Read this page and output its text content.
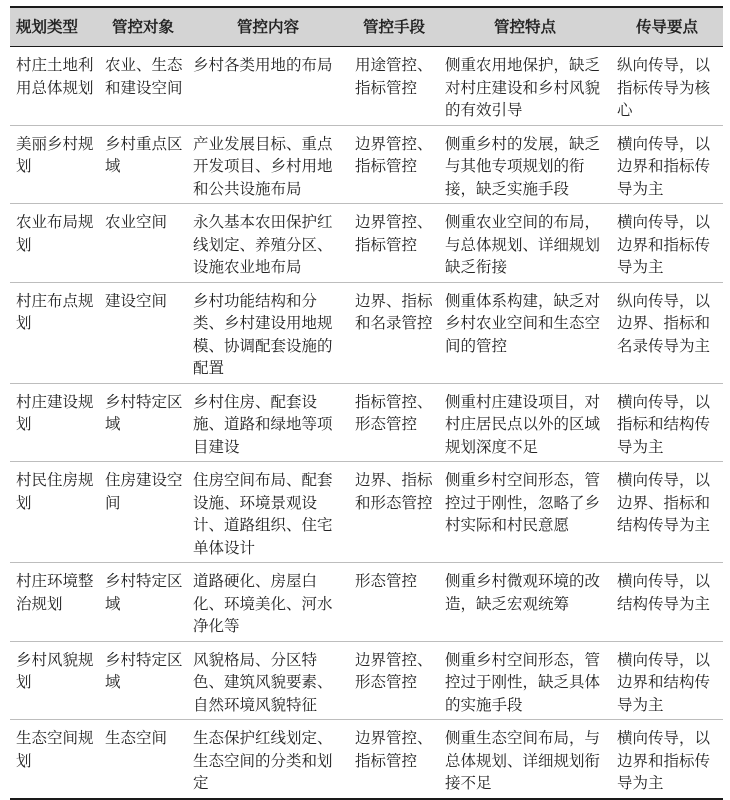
规划类型	管控对象	管控内容	管控手段	管控特点	传导要点
村庄土地利用总体规划	农业、生态和建设空间	乡村各类用地的布局	用途管控、指标管控	侧重农用地保护，缺乏对村庄建设和乡村风貌的有效引导	纵向传导，以指标传导为核心
美丽乡村规划	乡村重点区域	产业发展目标、重点开发项目、乡村用地和公共设施布局	边界管控、指标管控	侧重乡村的发展，缺乏与其他专项规划的衔接，缺乏实施手段	横向传导，以边界和指标传导为主
农业布局规划	农业空间	永久基本农田保护红线划定、养殖分区、设施农业地布局	边界管控、指标管控	侧重农业空间的布局，与总体规划、详细规划缺乏衔接	横向传导，以边界和指标传导为主
村庄布点规划	建设空间	乡村功能结构和分类、乡村建设用地规模、协调配套设施的配置	边界、指标和名录管控	侧重体系构建，缺乏对乡村农业空间和生态空间的管控	纵向传导，以边界、指标和名录传导为主
村庄建设规划	乡村特定区域	乡村住房、配套设施、道路和绿地等项目建设	指标管控、形态管控	侧重村庄建设项目，对村庄居民点以外的区域规划深度不足	横向传导，以指标和结构传导为主
村民住房规划	住房建设空间	住房空间布局、配套设施、环境景观设计、道路组织、住宅单体设计	边界、指标和形态管控	侧重乡村空间形态，管控过于刚性，忽略了乡村实际和村民意愿	横向传导，以边界、指标和结构传导为主
村庄环境整治规划	乡村特定区域	道路硬化、房屋白化、环境美化、河水净化等	形态管控	侧重乡村微观环境的改造，缺乏宏观统筹	横向传导，以结构传导为主
乡村风貌规划	乡村特定区域	风貌格局、分区特色、建筑风貌要素、自然环境风貌特征	边界管控、形态管控	侧重乡村空间形态，管控过于刚性，缺乏具体的实施手段	横向传导，以边界和结构传导为主
生态空间规划	生态空间	生态保护红线划定、生态空间的分类和划定	边界管控、指标管控	侧重生态空间布局，与总体规划、详细规划衔接不足	横向传导，以边界和指标传导为主
